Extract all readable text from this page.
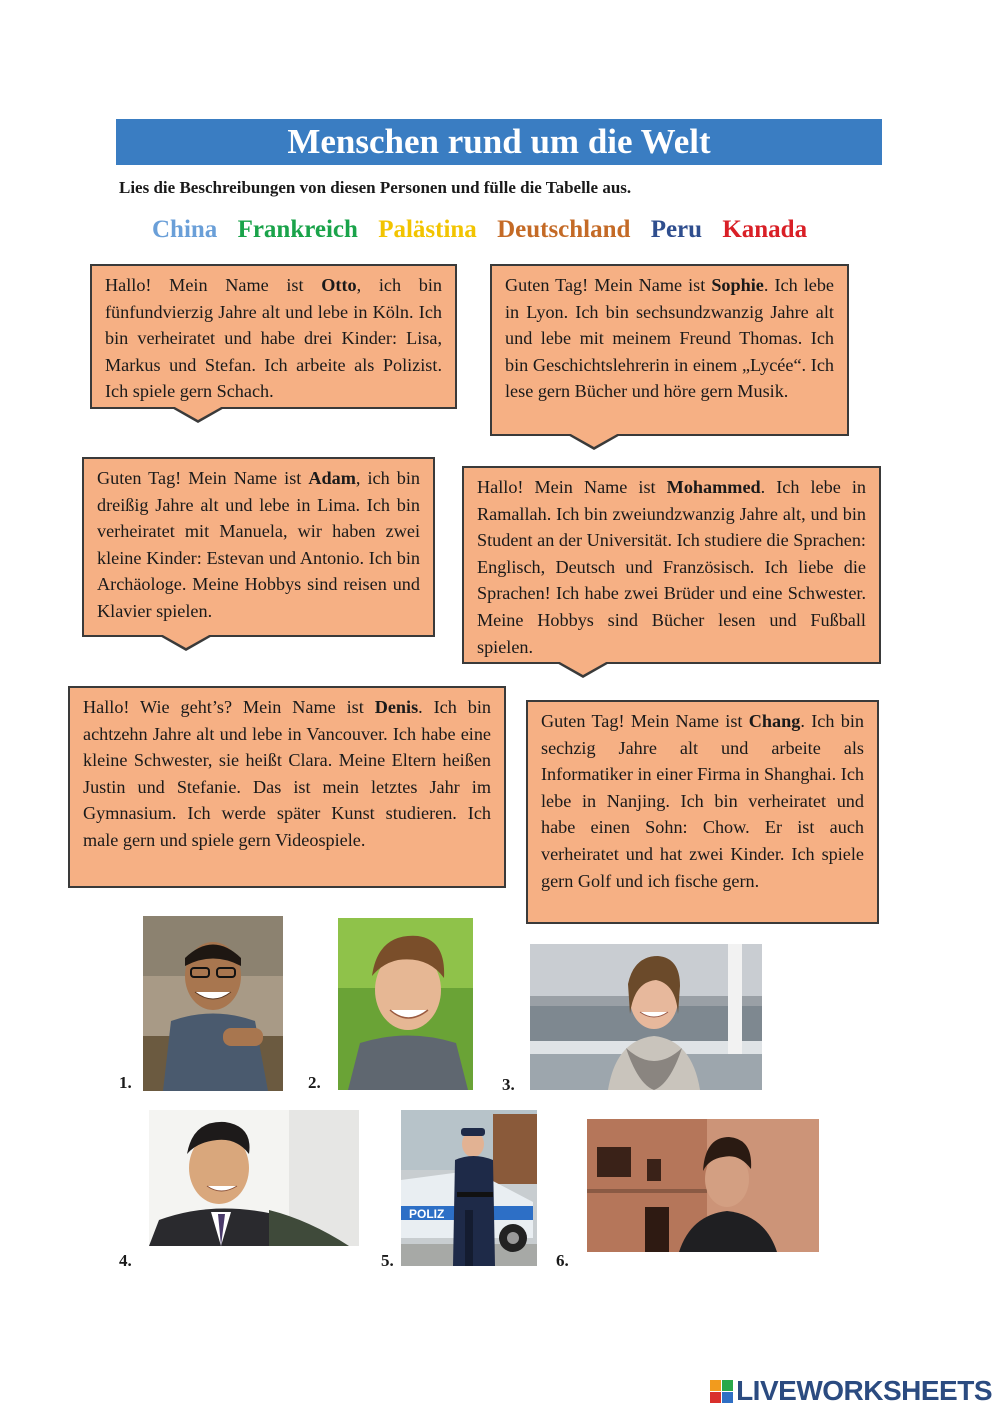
Menschen rund um die Welt
Lies die Beschreibungen von diesen Personen und fülle die Tabelle aus.
China Frankreich Palästina Deutschland Peru Kanada
Hallo! Mein Name ist Otto, ich bin fünfundvierzig Jahre alt und lebe in Köln. Ich bin verheiratet und habe drei Kinder: Lisa, Markus und Stefan. Ich arbeite als Polizist. Ich spiele gern Schach.
Guten Tag! Mein Name ist Sophie. Ich lebe in Lyon. Ich bin sechsundzwanzig Jahre alt und lebe mit meinem Freund Thomas. Ich bin Geschichtslehrerin in einem „Lycée“. Ich lese gern Bücher und höre gern Musik.
Guten Tag! Mein Name ist Adam, ich bin dreißig Jahre alt und lebe in Lima. Ich bin verheiratet mit Manuela, wir haben zwei kleine Kinder: Estevan und Antonio. Ich bin Archäologe. Meine Hobbys sind reisen und Klavier spielen.
Hallo! Mein Name ist Mohammed. Ich lebe in Ramallah. Ich bin zweiundzwanzig Jahre alt, und bin Student an der Universität. Ich studiere die Sprachen: Englisch, Deutsch und Französisch. Ich liebe die Sprachen! Ich habe zwei Brüder und eine Schwester. Meine Hobbys sind Bücher lesen und Fußball spielen.
Hallo! Wie geht’s? Mein Name ist Denis. Ich bin achtzehn Jahre alt und lebe in Vancouver. Ich habe eine kleine Schwester, sie heißt Clara. Meine Eltern heißen Justin und Stefanie. Das ist mein letztes Jahr im Gymnasium. Ich werde später Kunst studieren. Ich male gern und spiele gern Videospiele.
Guten Tag! Mein Name ist Chang. Ich bin sechzig Jahre alt und arbeite als Informatiker in einer Firma in Shanghai. Ich lebe in Nanjing. Ich bin verheiratet und habe einen Sohn: Chow. Er ist auch verheiratet und hat zwei Kinder. Ich spiele gern Golf und ich fische gern.
1.	2.	3.
4.	5.
POLIZ
6.
LIVEWORKSHEETS
